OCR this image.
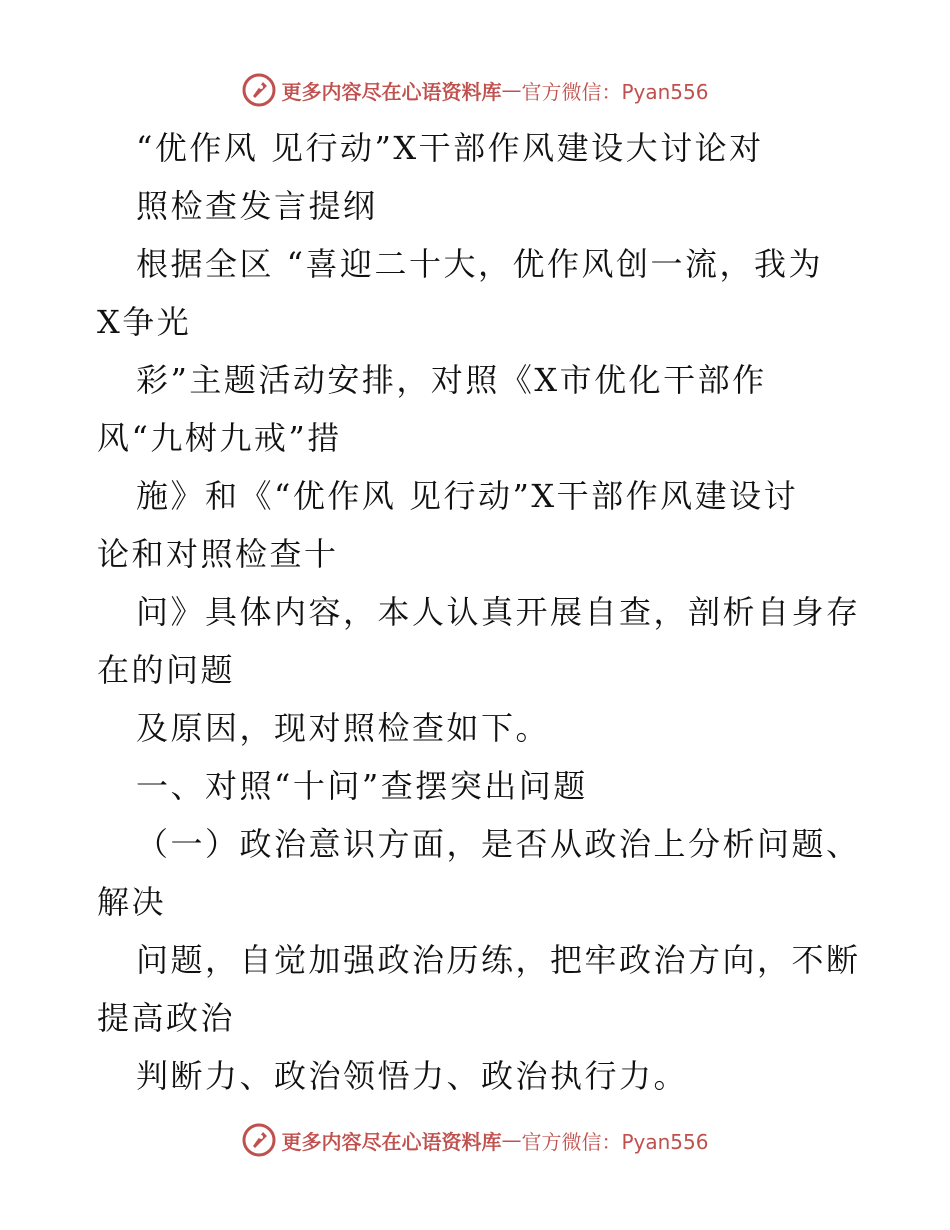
更多内容尽在心语资料库 — 官方微信：Pyan556
“优作风 见行动”X干部作风建设大讨论对
照检查发言提纲
根据全区 “喜迎二十大，优作风创一流，我为
X争光
彩”主题活动安排，对照《X市优化干部作
风“九树九戒”措
施》和《“优作风 见行动”X干部作风建设讨
论和对照检查十
问》具体内容，本人认真开展自查，剖析自身存
在的问题
及原因，现对照检查如下。
一、对照“十问”查摆突出问题
（一）政治意识方面，是否从政治上分析问题、
解决
问题，自觉加强政治历练，把牢政治方向，不断
提高政治
判断力、政治领悟力、政治执行力。
更多内容尽在心语资料库 — 官方微信：Pyan556
